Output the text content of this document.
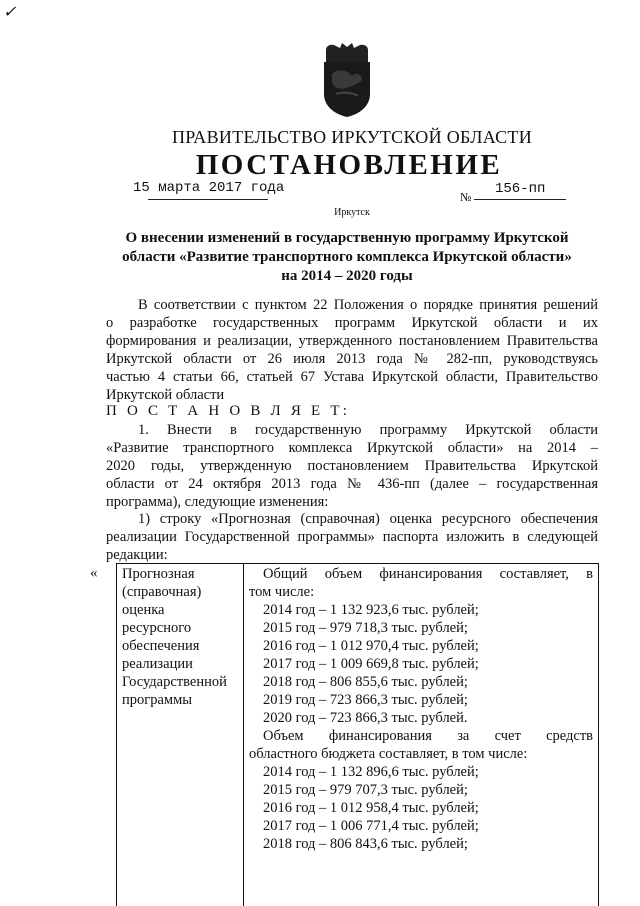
✓
ПРАВИТЕЛЬСТВО ИРКУТСКОЙ ОБЛАСТИ
ПОСТАНОВЛЕНИЕ
15 марта 2017 года
№ 156-пп
Иркутск
О внесении изменений в государственную программу Иркутской
области «Развитие транспортного комплекса Иркутской области»
на 2014 – 2020 годы
В соответствии с пунктом 22 Положения о порядке принятия решений
о разработке государственных программ Иркутской области и их
формирования и реализации, утвержденного постановлением Правительства
Иркутской области от 26 июля 2013 года № 282-пп, руководствуясь
частью 4 статьи 66, статьей 67 Устава Иркутской области, Правительство
Иркутской области
П О С Т А Н О В Л Я Е Т:
1. Внести в государственную программу Иркутской области
«Развитие транспортного комплекса Иркутской области» на 2014 –
2020 годы, утвержденную постановлением Правительства Иркутской
области от 24 октября 2013 года № 436-пп (далее – государственная
программа), следующие изменения:
1) строку «Прогнозная (справочная) оценка ресурсного обеспечения
реализации Государственной программы» паспорта изложить в следующей
редакции:
« Прогнозная
(справочная)
оценка
ресурсного
обеспечения
реализации
Государственной
программы
Общий объем финансирования составляет, в
том числе:
2014 год – 1 132 923,6 тыс. рублей;
2015 год – 979 718,3 тыс. рублей;
2016 год – 1 012 970,4 тыс. рублей;
2017 год – 1 009 669,8 тыс. рублей;
2018 год – 806 855,6 тыс. рублей;
2019 год – 723 866,3 тыс. рублей;
2020 год – 723 866,3 тыс. рублей.
Объем финансирования за счет средств
областного бюджета составляет, в том числе:
2014 год – 1 132 896,6 тыс. рублей;
2015 год – 979 707,3 тыс. рублей;
2016 год – 1 012 958,4 тыс. рублей;
2017 год – 1 006 771,4 тыс. рублей;
2018 год – 806 843,6 тыс. рублей;
